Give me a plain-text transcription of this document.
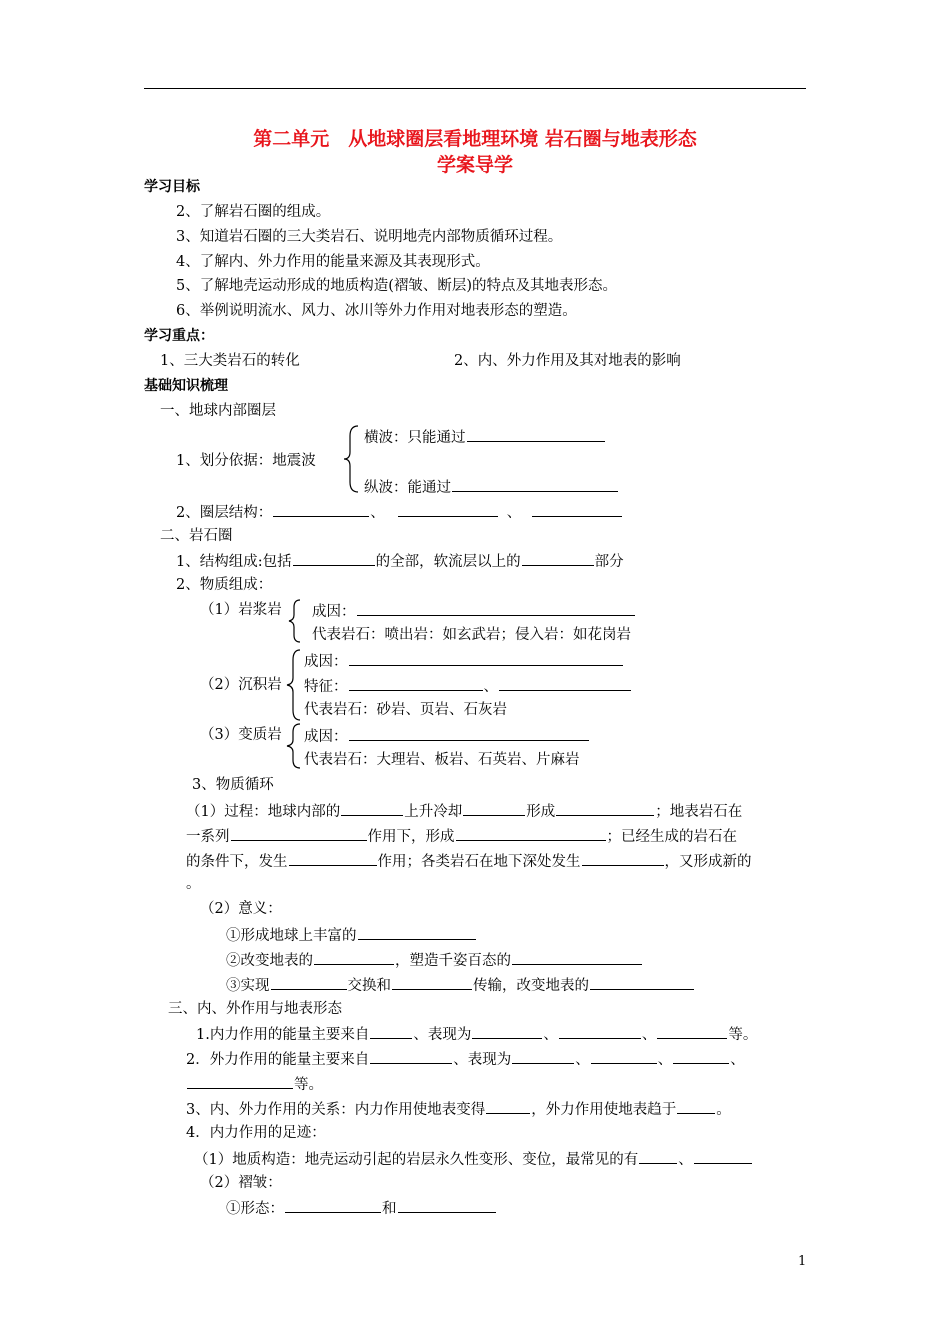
第二单元　从地球圈层看地理环境 岩石圈与地表形态
学案导学
学习目标
2、了解岩石圈的组成。
3、知道岩石圈的三大类岩石、说明地壳内部物质循环过程。
4、了解内、外力作用的能量来源及其表现形式。
5、了解地壳运动形成的地质构造(褶皱、断层)的特点及其地表形态。
6、举例说明流水、风力、冰川等外力作用对地表形态的塑造。
学习重点：
1、三大类岩石的转化	2、内、外力作用及其对地表的影响
基础知识梳理
一、地球内部圈层
横波：只能通过
1、划分依据：地震波
纵波：能通过
2、圈层结构：	、	、
二、岩石圈
1、结构组成:包括	的全部，软流层以上的	部分
2、物质组成：
（1）岩浆岩 成因：
代表岩石：喷出岩：如玄武岩；侵入岩：如花岗岩
成因：
（2）沉积岩 特征：	、
代表岩石：砂岩、页岩、石灰岩
（3）变质岩 成因：
代表岩石：大理岩、板岩、石英岩、片麻岩
3、物质循环
（1）过程：地球内部的	上升冷却	形成	；地表岩石在
一系列	作用下，形成	；已经生成的岩石在
的条件下，发生	作用；各类岩石在地下深处发生	，又形成新的
。
（2）意义：
①形成地球上丰富的
②改变地表的	，塑造千姿百态的
③实现	交换和	传输，改变地表的
三、内、外作用与地表形态
1.内力作用的能量主要来自	、表现为	、	、	等。
2．外力作用的能量主要来自	、表现为	、	、	、
等。
3、内、外力作用的关系：内力作用使地表变得	，外力作用使地表趋于	。
4．内力作用的足迹：
（1）地质构造：地壳运动引起的岩层永久性变形、变位，最常见的有	、
（2）褶皱：
①形态：	和
1
